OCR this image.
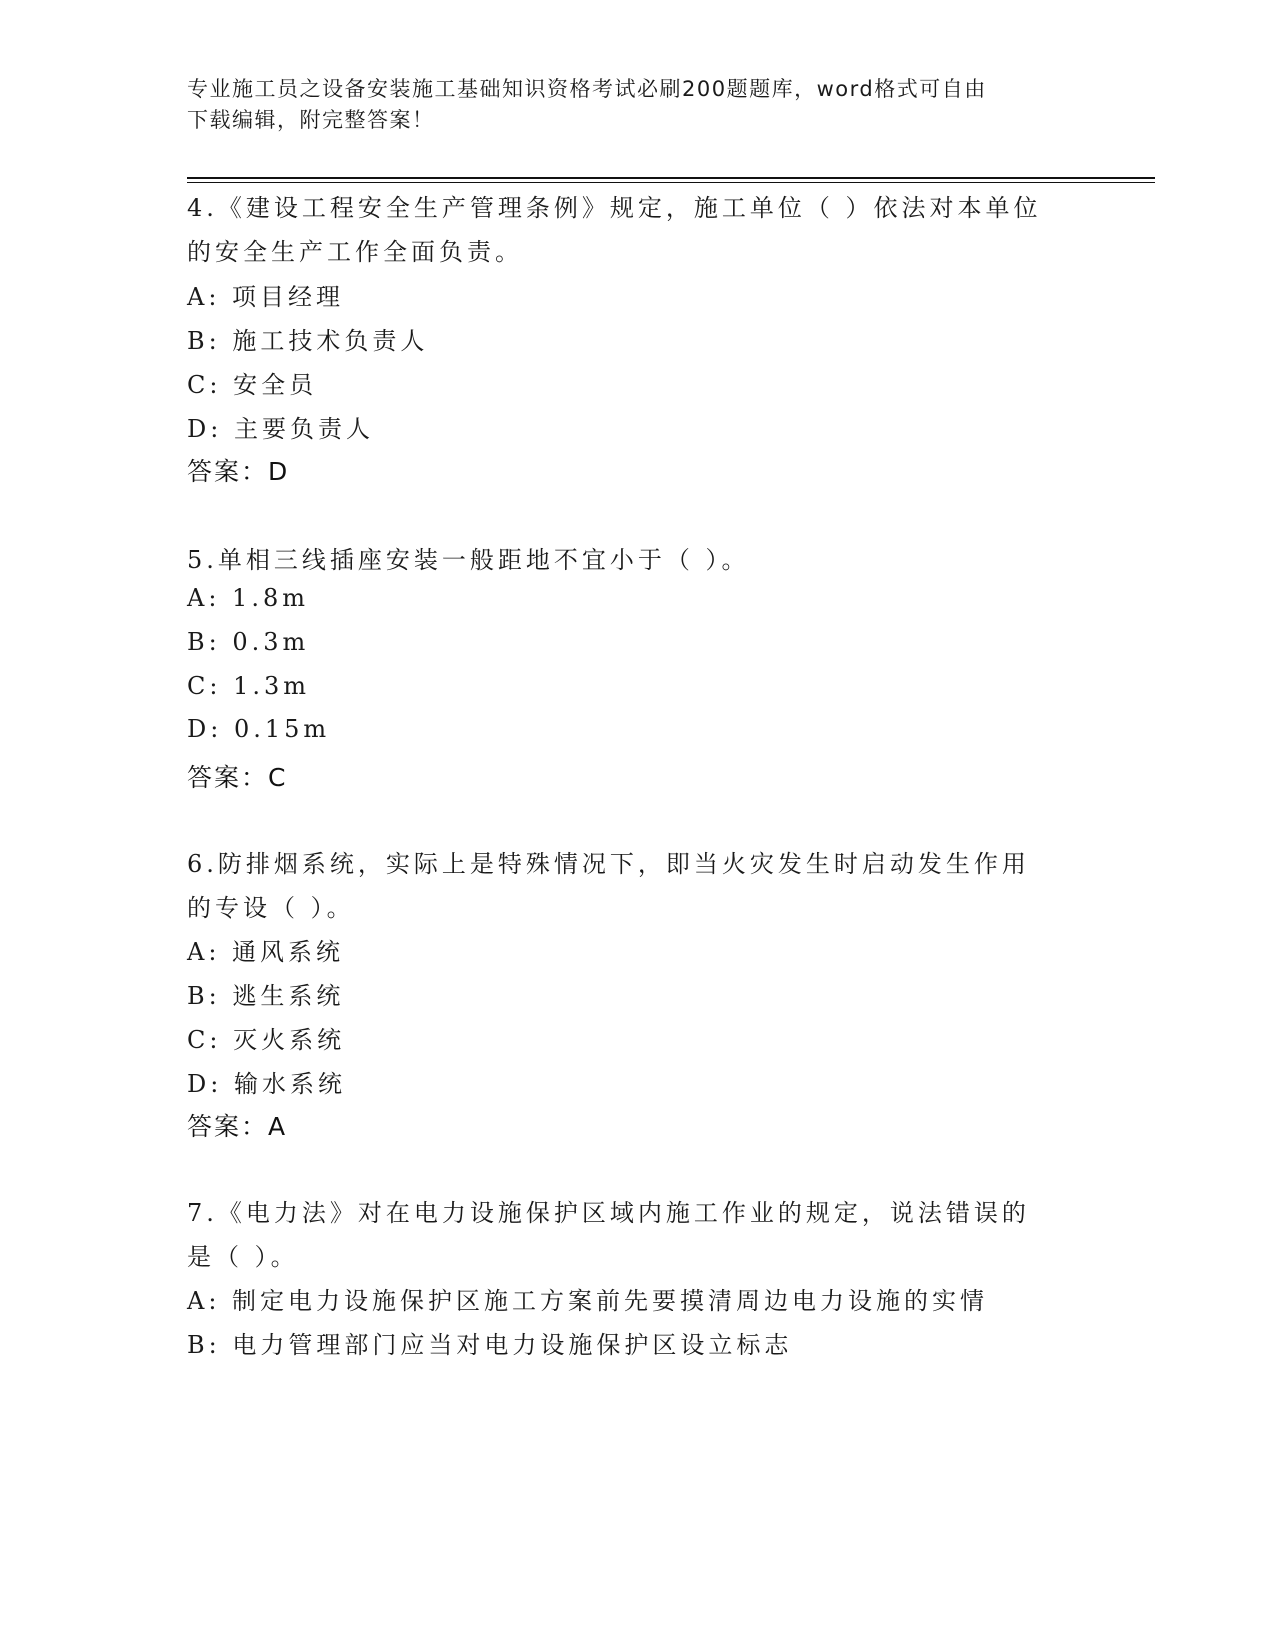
专业施工员之设备安装施工基础知识资格考试必刷200题题库，word格式可自由
下载编辑，附完整答案！
4.《建设工程安全生产管理条例》规定，施工单位（ ）依法对本单位
的安全生产工作全面负责。
A: 项目经理
B: 施工技术负责人
C: 安全员
D: 主要负责人
答案：D
5.单相三线插座安装一般距地不宜小于（ ）。
A: 1.8m
B: 0.3m
C: 1.3m
D: 0.15m
答案：C
6.防排烟系统，实际上是特殊情况下，即当火灾发生时启动发生作用
的专设（ ）。
A: 通风系统
B: 逃生系统
C: 灭火系统
D: 输水系统
答案：A
7.《电力法》对在电力设施保护区域内施工作业的规定，说法错误的
是（ ）。
A: 制定电力设施保护区施工方案前先要摸清周边电力设施的实情
B: 电力管理部门应当对电力设施保护区设立标志
